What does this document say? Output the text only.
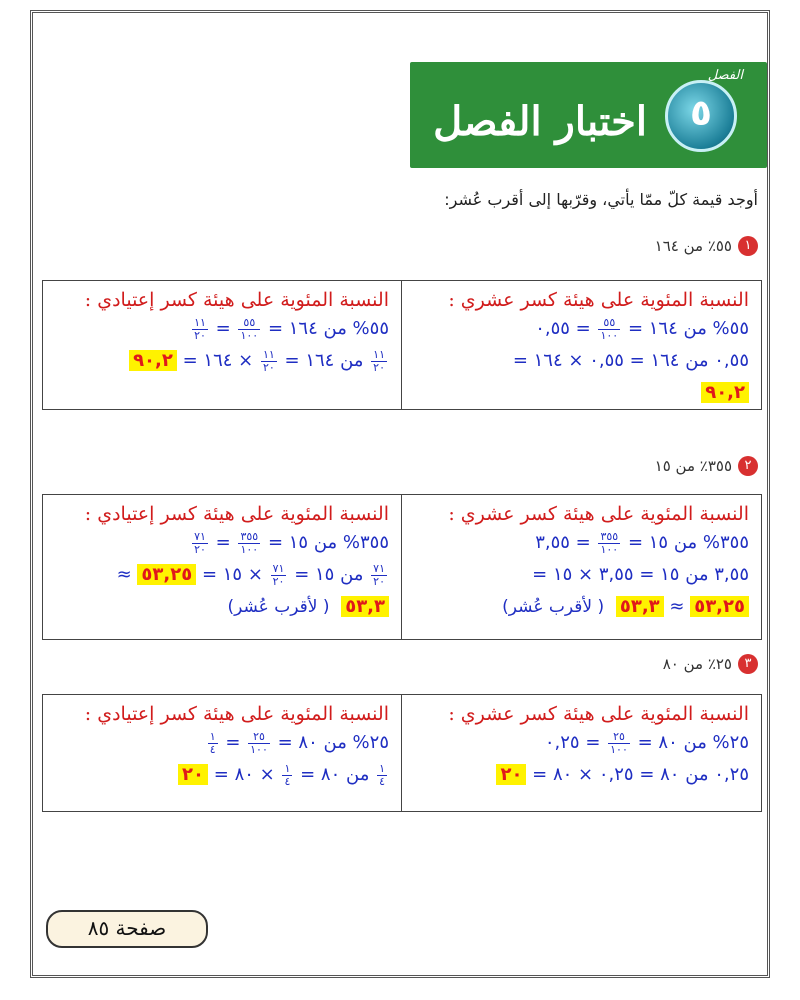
اختبار الفصل	٥
الفصل
أوجد قيمة كلّ ممّا يأتي، وقرّبها إلى أقرب عُشر:
١
٥٥٪ من ١٦٤
النسبة المئوية على هيئة كسر عشري :
٥٥% من ١٦٤ =
$\frac{٥٥}{١٠٠}$
= ٠,٥٥
٠,٥٥ من ١٦٤ = ٠,٥٥ × ١٦٤ =
٩٠,٢
النسبة المئوية على هيئة كسر إعتيادي :
٥٥% من ١٦٤ =
$\frac{٥٥}{١٠٠}$
=
$\frac{١١}{٢٠}$
$\frac{١١}{٢٠}$
من ١٦٤ =
$\frac{١١}{٢٠}$
× ١٦٤ = ٩٠,٢
٢
٣٥٥٪ من ١٥
النسبة المئوية على هيئة كسر عشري :
٣٥٥% من ١٥ =
$\frac{٣٥٥}{١٠٠}$
= ٣,٥٥
٣,٥٥ من ١٥ = ٣,٥٥ × ١٥ =
٥٣,٢٥ ≈ ٥٣,٣ ( لأقرب عُشر)
النسبة المئوية على هيئة كسر إعتيادي :
٣٥٥% من ١٥ =
$\frac{٣٥٥}{١٠٠}$
=
$\frac{٧١}{٢٠}$
$\frac{٧١}{٢٠}$
من ١٥ =
$\frac{٧١}{٢٠}$
× ١٥ = ٥٣,٢٥ ≈
٥٣,٣ ( لأقرب عُشر)
٣
٢٥٪ من ٨٠
النسبة المئوية على هيئة كسر عشري :
٢٥% من ٨٠ =
$\frac{٢٥}{١٠٠}$
= ٠,٢٥
٠,٢٥ من ٨٠ = ٠,٢٥ × ٨٠ = ٢٠
النسبة المئوية على هيئة كسر إعتيادي :
٢٥% من ٨٠ =
$\frac{٢٥}{١٠٠}$
=
$\frac{١}{٤}$
$\frac{١}{٤}$
من ٨٠ =
$\frac{١}{٤}$
× ٨٠ = ٢٠
صفحة ٨٥
